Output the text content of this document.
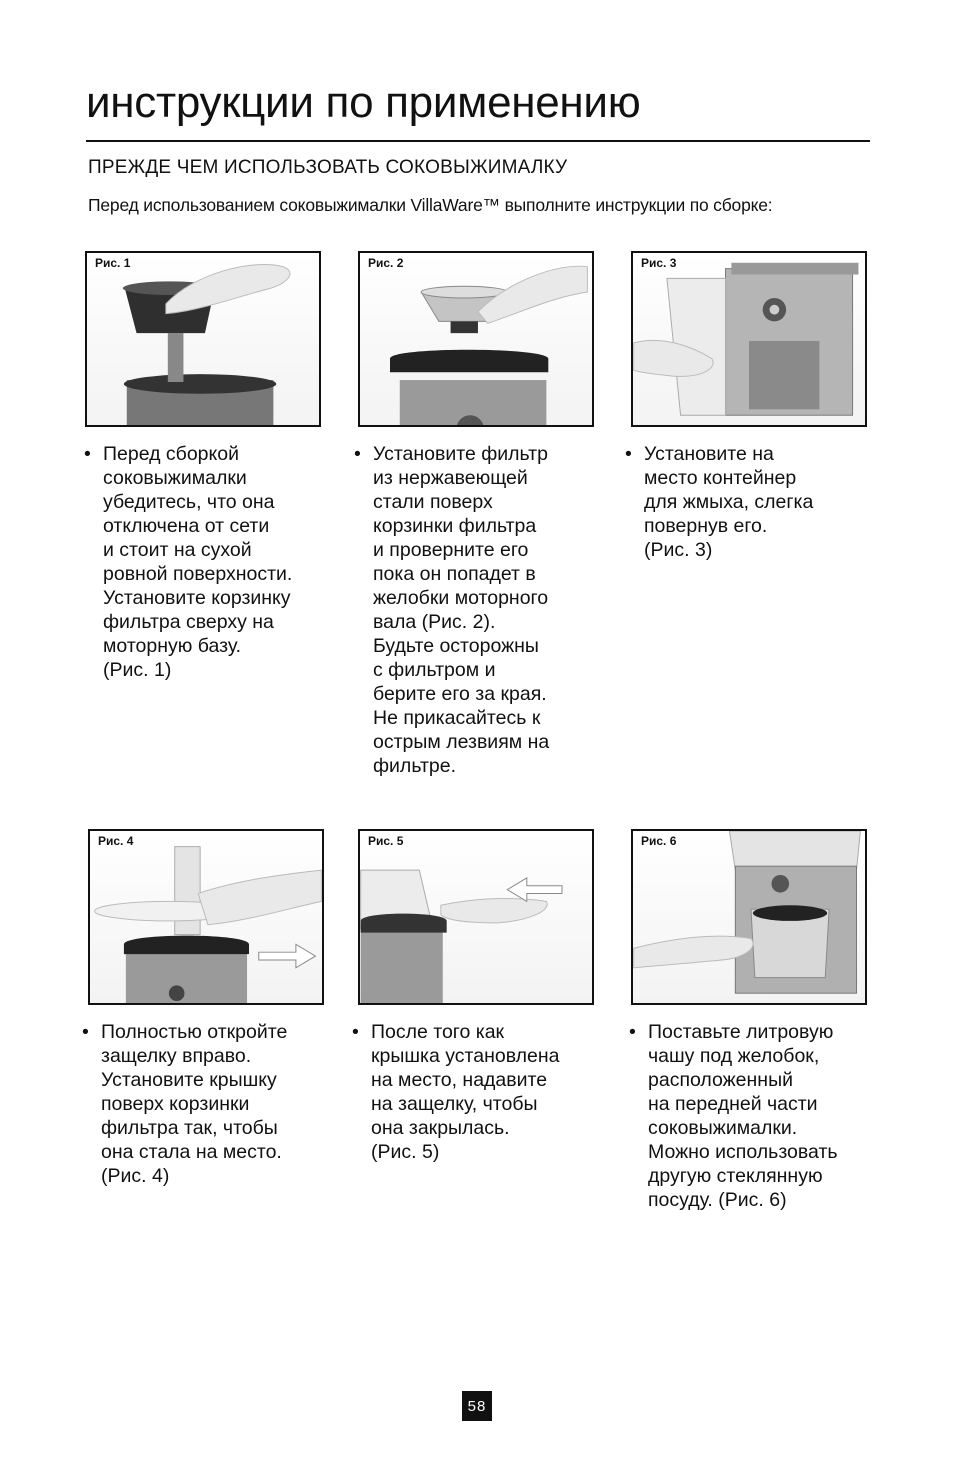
инструкции по применению
ПРЕЖДЕ ЧЕМ ИСПОЛЬЗОВАТЬ СОКОВЫЖИМАЛКУ
Перед использованием соковыжималки VillaWare™ выполните инструкции по сборке:
Рис. 1	Рис. 2	Рис. 3
Рис. 4	Рис. 5	Рис. 6
• Перед сборкой
соковыжималки
убедитесь, что она
отключена от сети
и стоит на сухой
ровной поверхности.
Установите корзинку
фильтра сверху на
моторную базу.
(Рис. 1)
• Установите фильтр
из нержавеющей
стали поверх
корзинки фильтра
и проверните его
пока он попадет в
желобки моторного
вала (Рис. 2).
Будьте осторожны
с фильтром и
берите его за края.
Не прикасайтесь к
острым лезвиям на
фильтре.
• Установите на
место контейнер
для жмыха, слегка
повернув его.
(Рис. 3)
• Полностью откройте
защелку вправо.
Установите крышку
поверх корзинки
фильтра так, чтобы
она стала на место.
(Рис. 4)
• После того как
крышка установлена
на место, надавите
на защелку, чтобы
она закрылась.
(Рис. 5)
• Поставьте литровую
чашу под желобок,
расположенный
на передней части
соковыжималки.
Можно использовать
другую стеклянную
посуду. (Рис. 6)
58
